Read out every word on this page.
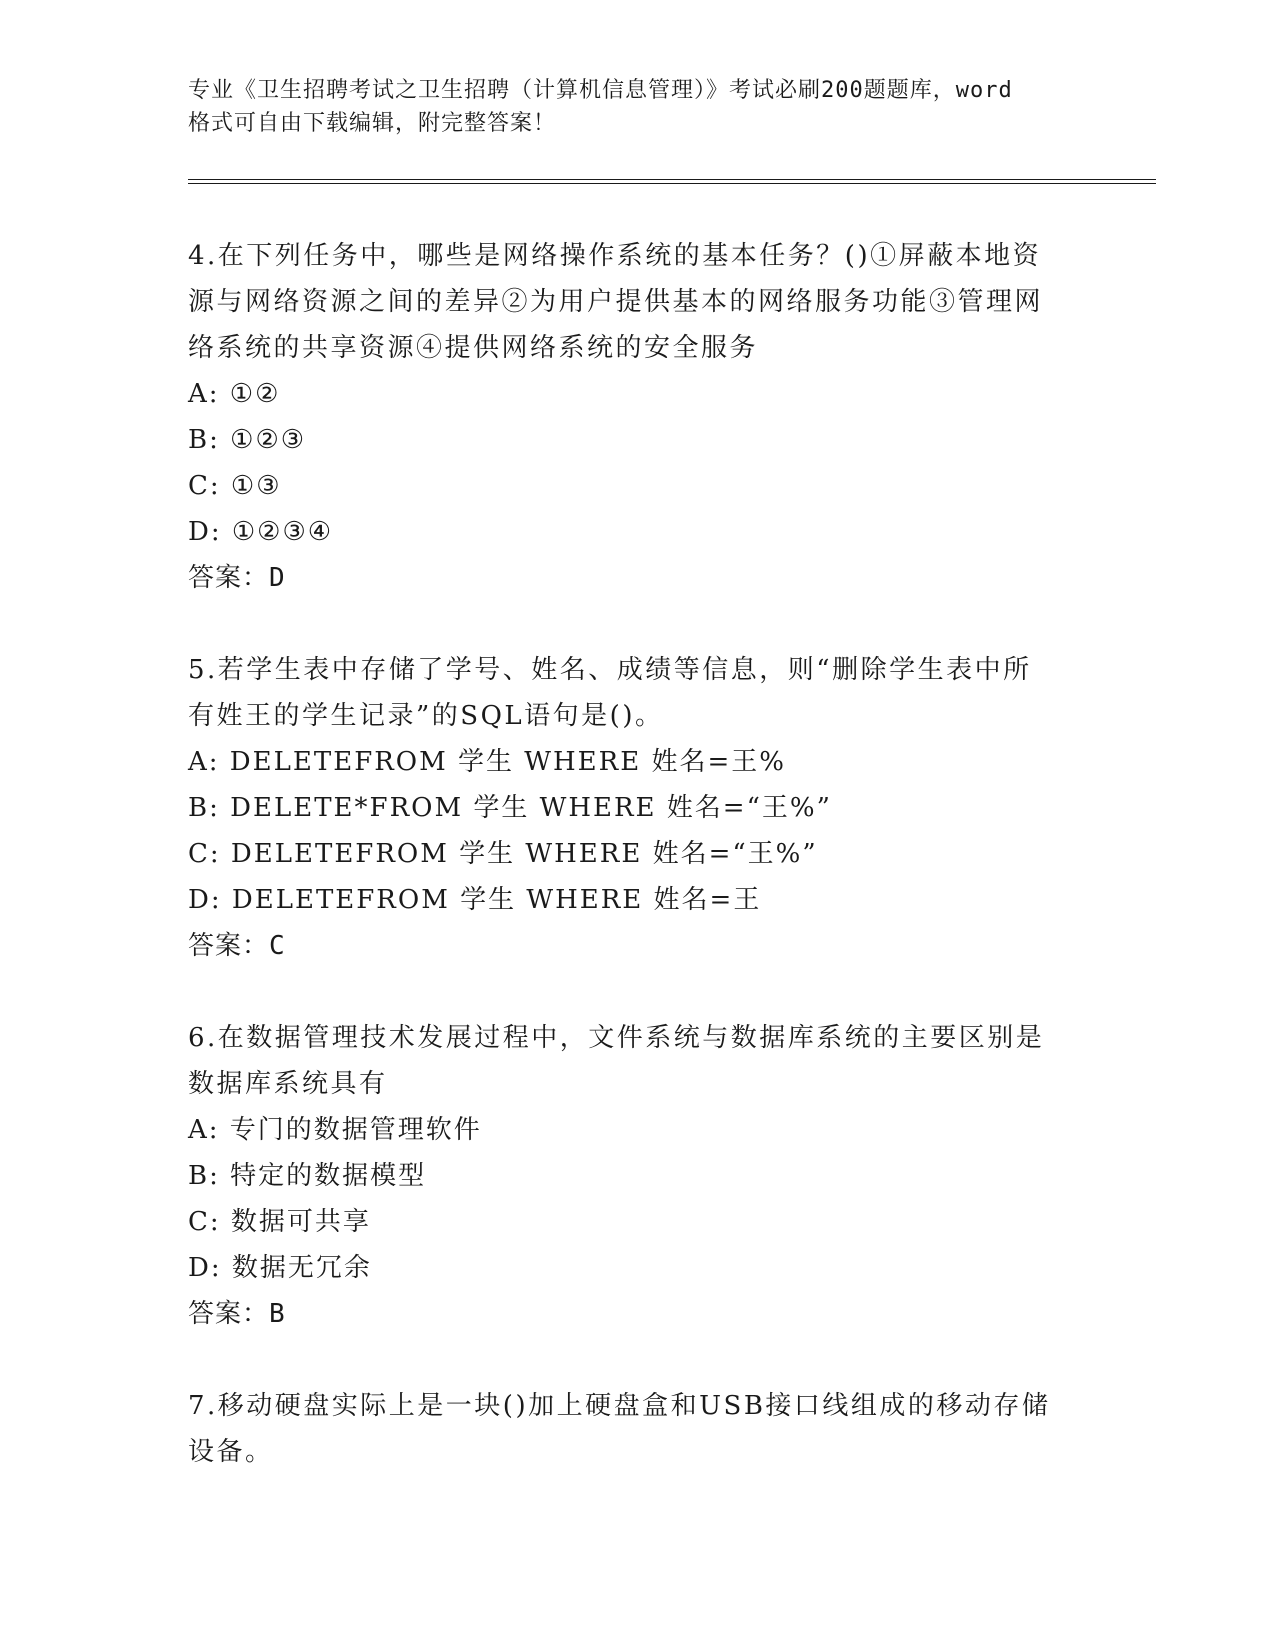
专业《卫生招聘考试之卫生招聘（计算机信息管理）》考试必刷200题题库，word
格式可自由下载编辑，附完整答案！
4.在下列任务中，哪些是网络操作系统的基本任务？()①屏蔽本地资
源与网络资源之间的差异②为用户提供基本的网络服务功能③管理网
络系统的共享资源④提供网络系统的安全服务
A: ①②
B: ①②③
C: ①③
D: ①②③④
答案：D
5.若学生表中存储了学号、姓名、成绩等信息，则“删除学生表中所
有姓王的学生记录”的SQL语句是()。
A: DELETEFROM 学生 WHERE 姓名=王%
B: DELETE*FROM 学生 WHERE 姓名=“王%”
C: DELETEFROM 学生 WHERE 姓名=“王%”
D: DELETEFROM 学生 WHERE 姓名=王
答案：C
6.在数据管理技术发展过程中，文件系统与数据库系统的主要区别是
数据库系统具有
A: 专门的数据管理软件
B: 特定的数据模型
C: 数据可共享
D: 数据无冗余
答案：B
7.移动硬盘实际上是一块()加上硬盘盒和USB接口线组成的移动存储
设备。
